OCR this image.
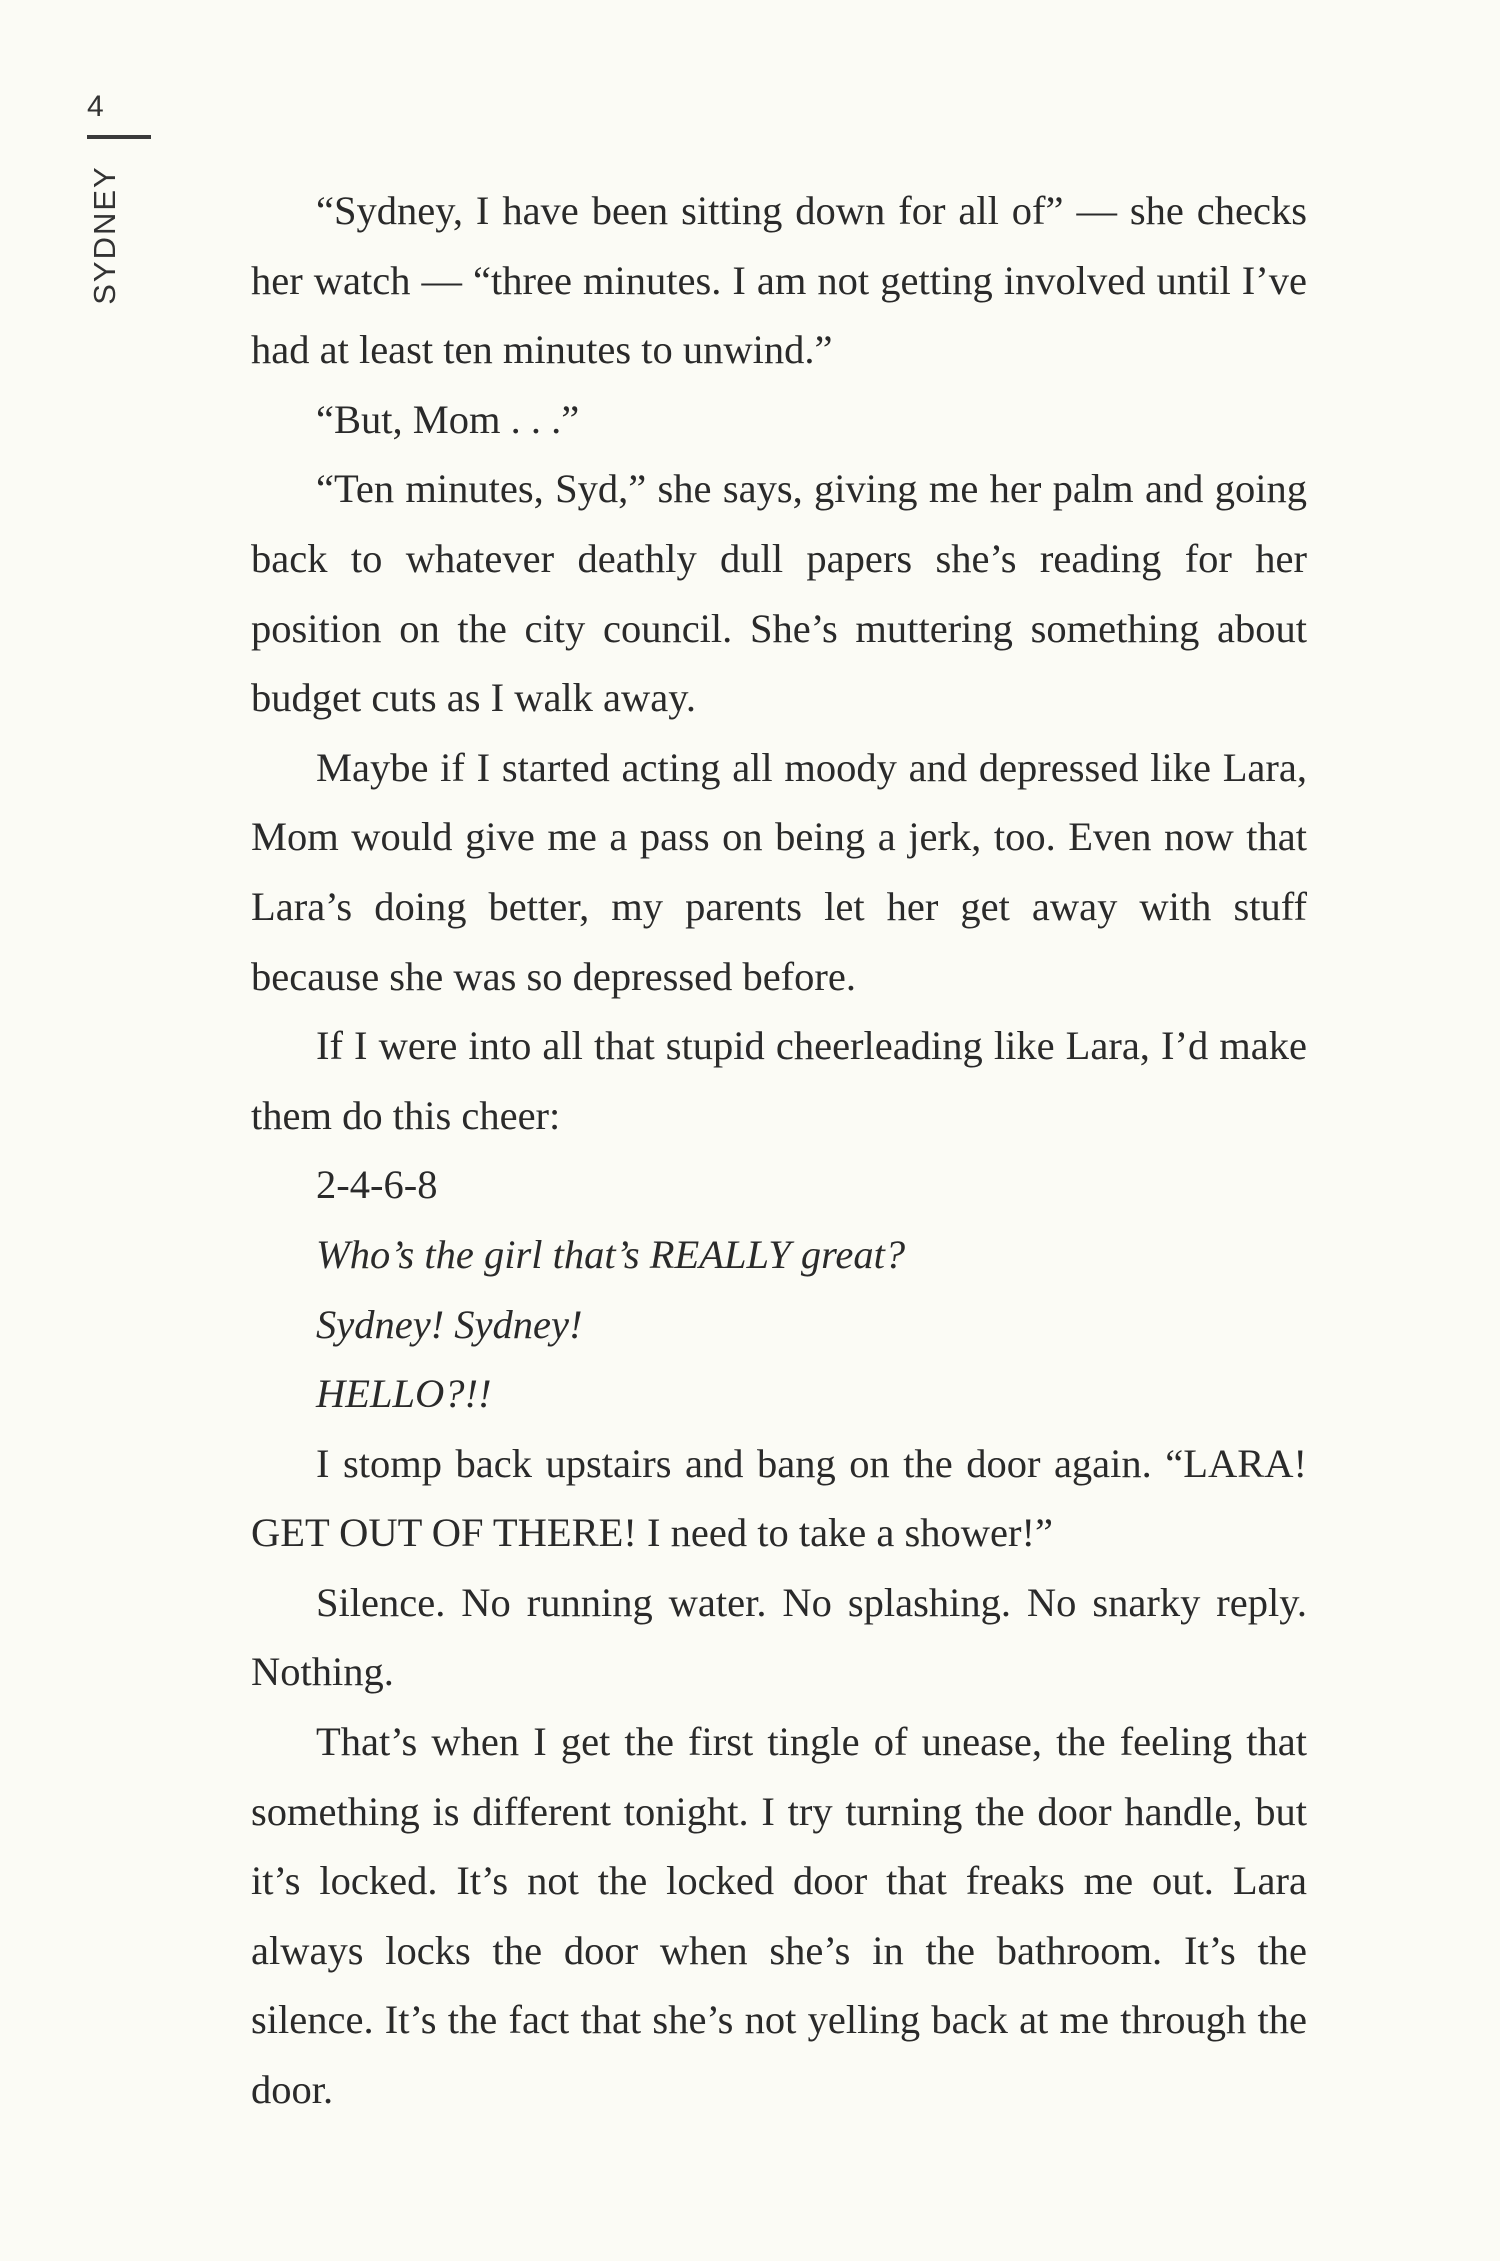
4
SYDNEY	“Sydney, I have been sitting down for all of” — she checks her watch — “three minutes. I am not getting involved until I’ve had at least ten minutes to unwind.”

“But, Mom . . .”

“Ten minutes, Syd,” she says, giving me her palm and going back to whatever deathly dull papers she’s reading for her position on the city council. She’s muttering something about budget cuts as I walk away.

Maybe if I started acting all moody and depressed like Lara, Mom would give me a pass on being a jerk, too. Even now that Lara’s doing better, my parents let her get away with stuff because she was so depressed before.

If I were into all that stupid cheerleading like Lara, I’d make them do this cheer:

2-4-6-8

Who’s the girl that’s REALLY great?

Sydney! Sydney!

HELLO?!!

I stomp back upstairs and bang on the door again. “LARA! GET OUT OF THERE! I need to take a shower!”

Silence. No running water. No splashing. No snarky reply. Nothing.

That’s when I get the first tingle of unease, the feeling that something is different tonight. I try turning the door handle, but it’s locked. It’s not the locked door that freaks me out. Lara always locks the door when she’s in the bathroom. It’s the silence. It’s the fact that she’s not yelling back at me through the door.
